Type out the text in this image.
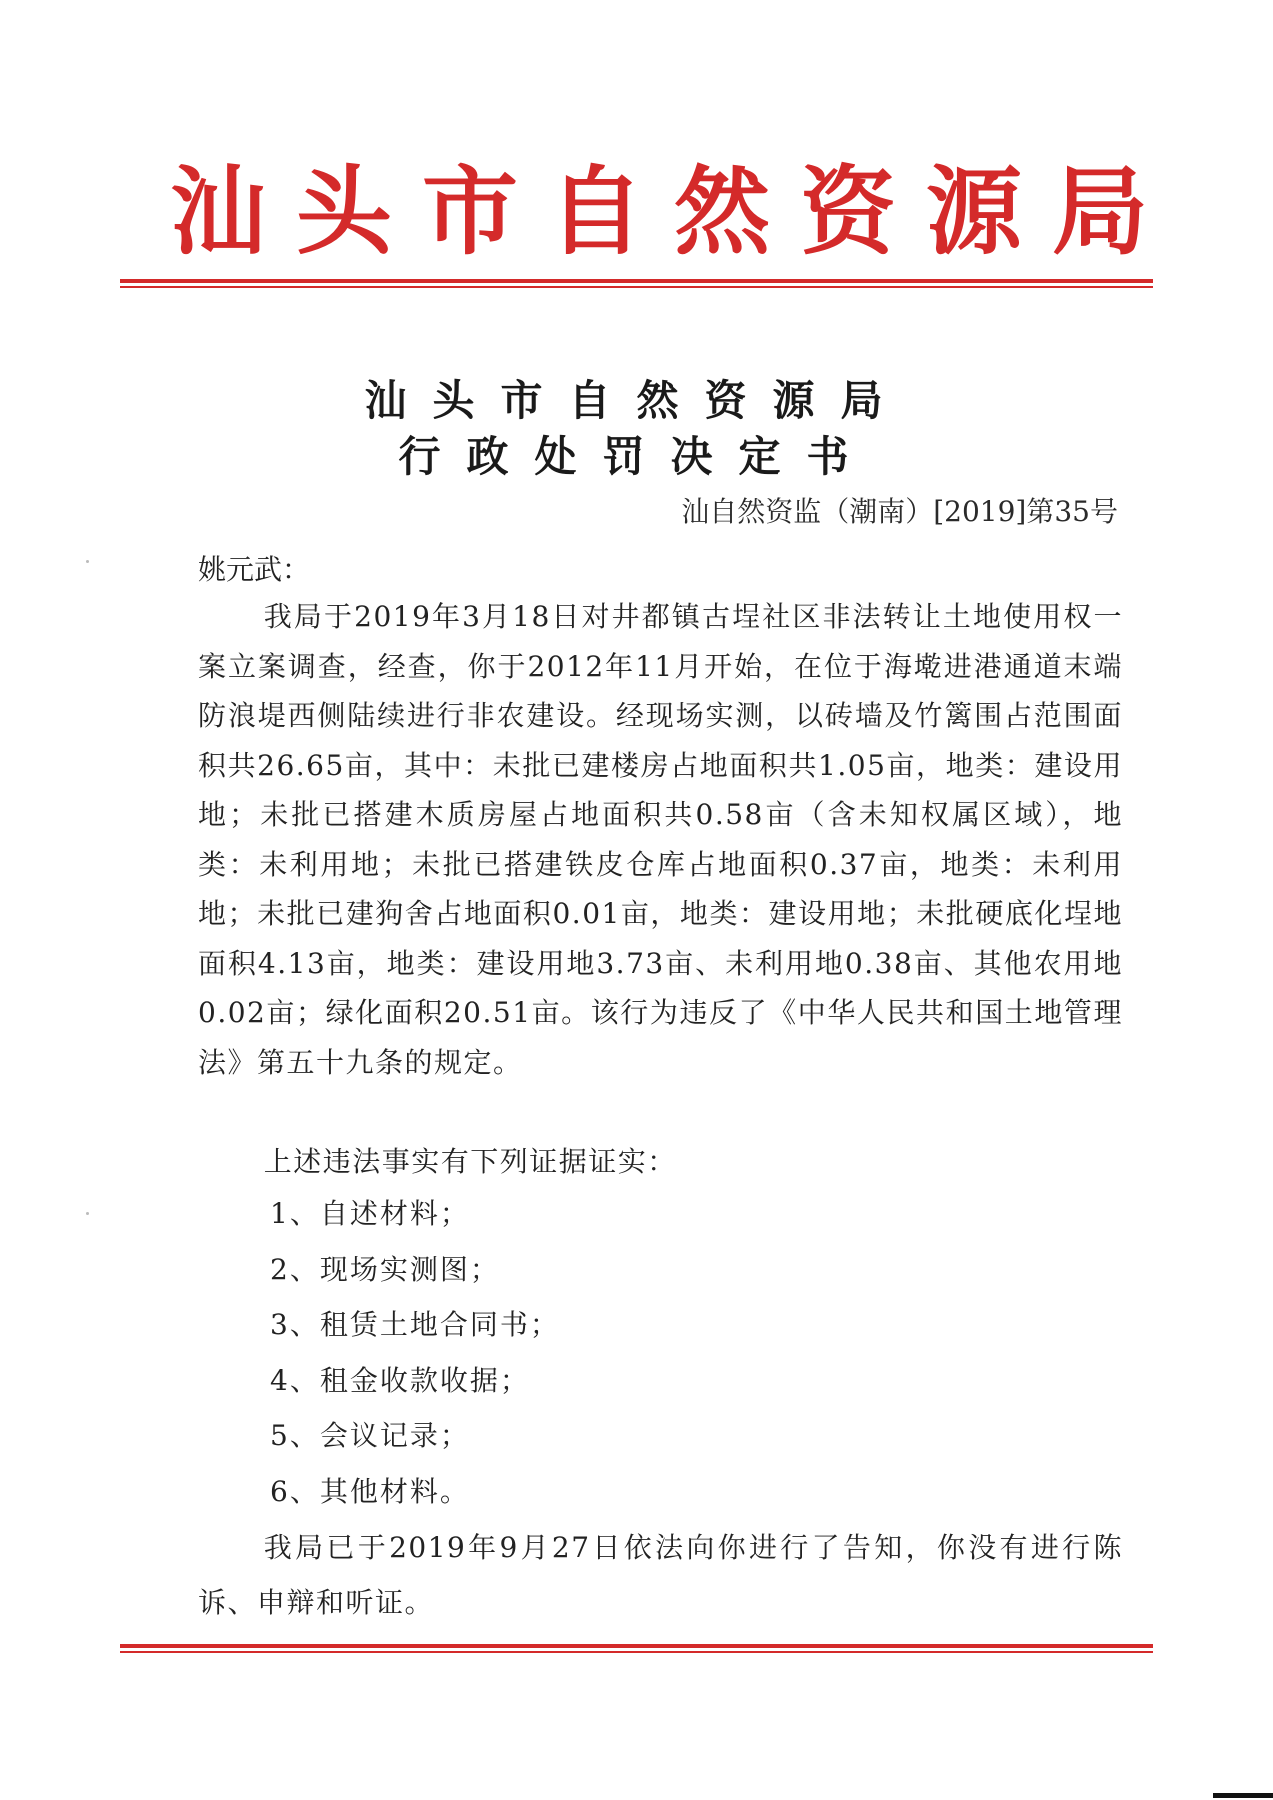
汕头市自然资源局
汕头市自然资源局
行政处罚决定书
汕自然资监（潮南）[2019]第35号
姚元武：

我局于2019年3月18日对井都镇古埕社区非法转让土地使用权一案立案调查，经查，你于2012年11月开始，在位于海墘进港通道末端防浪堤西侧陆续进行非农建设。经现场实测，以砖墙及竹篱围占范围面积共26.65亩，其中：未批已建楼房占地面积共1.05亩，地类：建设用地；未批已搭建木质房屋占地面积共0.58亩（含未知权属区域），地类：未利用地；未批已搭建铁皮仓库占地面积0.37亩，地类：未利用地；未批已建狗舍占地面积0.01亩，地类：建设用地；未批硬底化埕地面积4.13亩，地类：建设用地3.73亩、未利用地0.38亩、其他农用地0.02亩；绿化面积20.51亩。该行为违反了《中华人民共和国土地管理法》第五十九条的规定。

上述违法事实有下列证据证实：

1、自述材料；
2、现场实测图；
3、租赁土地合同书；
4、租金收款收据；
5、会议记录；
6、其他材料。

我局已于2019年9月27日依法向你进行了告知，你没有进行陈诉、申辩和听证。
